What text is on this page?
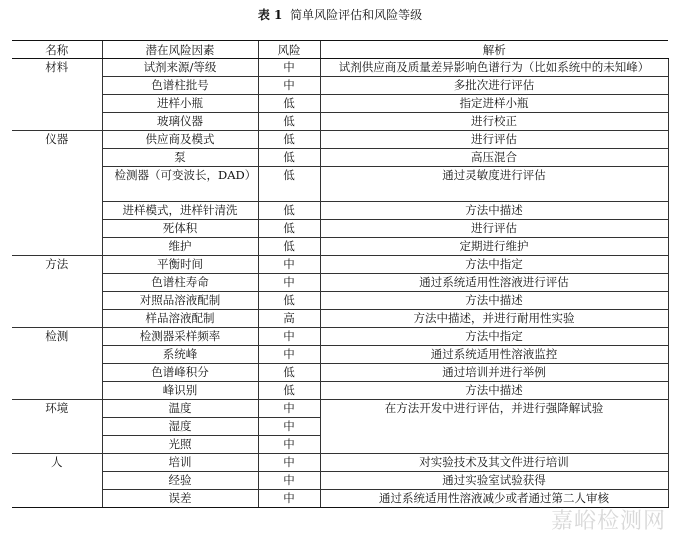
表 1 简单风险评估和风险等级
名称	潜在风险因素	风险	解析
材料	试剂来源/等级	中	试剂供应商及质量差异影响色谱行为（比如系统中的未知峰）
	色谱柱批号	中	多批次进行评估
	进样小瓶	低	指定进样小瓶
	玻璃仪器	低	进行校正
仪器	供应商及模式	低	进行评估
	泵	低	高压混合
	检测器（可变波长，DAD）	低	通过灵敏度进行评估
	进样模式，进样针清洗	低	方法中描述
	死体积	低	进行评估
	维护	低	定期进行维护
方法	平衡时间	中	方法中指定
	色谱柱寿命	中	通过系统适用性溶液进行评估
	对照品溶液配制	低	方法中描述
	样品溶液配制	高	方法中描述，并进行耐用性实验
检测	检测器采样频率	中	方法中指定
	系统峰	中	通过系统适用性溶液监控
	色谱峰积分	低	通过培训并进行举例
	峰识别	低	方法中描述
环境	温度	中	在方法开发中进行评估，并进行强降解试验
	湿度	中	
	光照	中	
人	培训	中	对实验技术及其文件进行培训
	经验	中	通过实验室试验获得
	误差	中	通过系统适用性溶液减少或者通过第二人审核
嘉峪检测网
